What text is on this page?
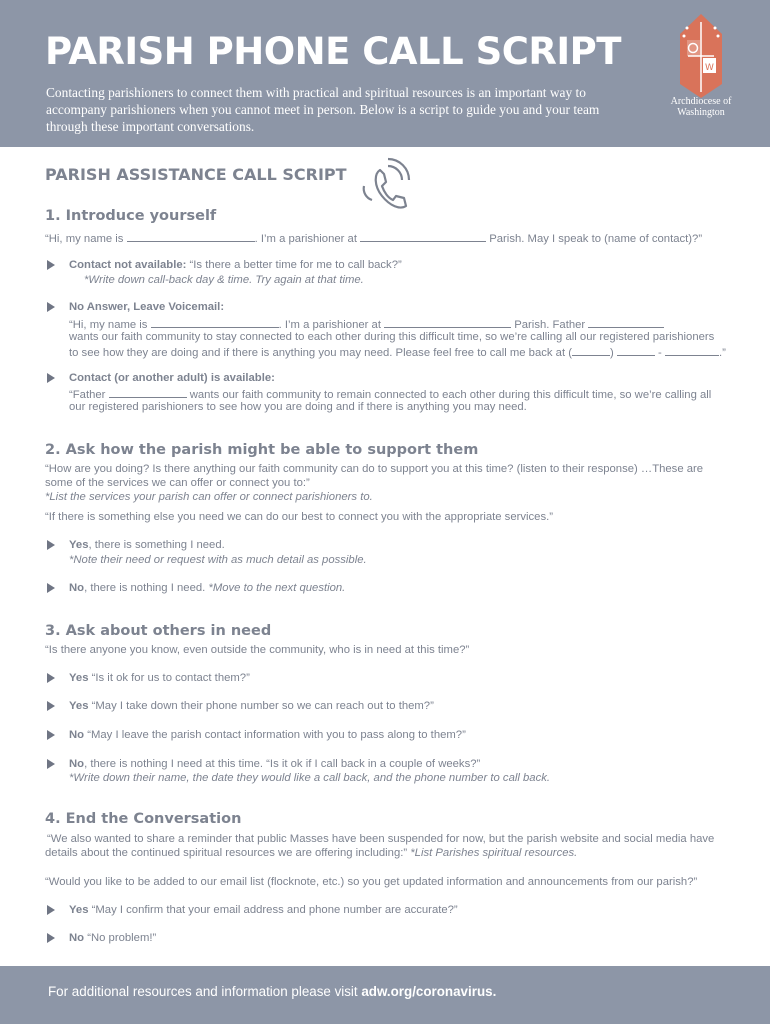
PARISH PHONE CALL SCRIPT
Contacting parishioners to connect them with practical and spiritual resources is an important way to
accompany parishioners when you cannot meet in person. Below is a script to guide you and your team
through these important conversations.
W
Archdiocese of
Washington
PARISH ASSISTANCE CALL SCRIPT
1. Introduce yourself
“Hi, my name is	. I’m a parishioner at	Parish. May I speak to (name of contact)?”
Contact not available: “Is there a better time for me to call back?”
*Write down call-back day & time. Try again at that time.
No Answer, Leave Voicemail:
“Hi, my name is	. I’m a parishioner at	Parish. Father
wants our faith community to stay connected to each other during this difficult time, so we’re calling all our registered parishioners
to see how they are doing and if there is anything you may need. Please feel free to call me back at (	)	-	.”
Contact (or another adult) is available:
“Father	wants our faith community to remain connected to each other during this difficult time, so we’re calling all
our registered parishioners to see how you are doing and if there is anything you may need.
2. Ask how the parish might be able to support them
“How are you doing? Is there anything our faith community can do to support you at this time? (listen to their response) …These are
some of the services we can offer or connect you to:”
*List the services your parish can offer or connect parishioners to.
“If there is something else you need we can do our best to connect you with the appropriate services.”
Yes, there is something I need.
*Note their need or request with as much detail as possible.
No, there is nothing I need. *Move to the next question.
3. Ask about others in need
“Is there anyone you know, even outside the community, who is in need at this time?”
Yes “Is it ok for us to contact them?”
Yes “May I take down their phone number so we can reach out to them?”
No “May I leave the parish contact information with you to pass along to them?”
No, there is nothing I need at this time. “Is it ok if I call back in a couple of weeks?”
*Write down their name, the date they would like a call back, and the phone number to call back.
4. End the Conversation
“We also wanted to share a reminder that public Masses have been suspended for now, but the parish website and social media have
details about the continued spiritual resources we are offering including:” *List Parishes spiritual resources.
“Would you like to be added to our email list (flocknote, etc.) so you get updated information and announcements from our parish?”
Yes “May I confirm that your email address and phone number are accurate?”
No “No problem!”
For additional resources and information please visit adw.org/coronavirus.
